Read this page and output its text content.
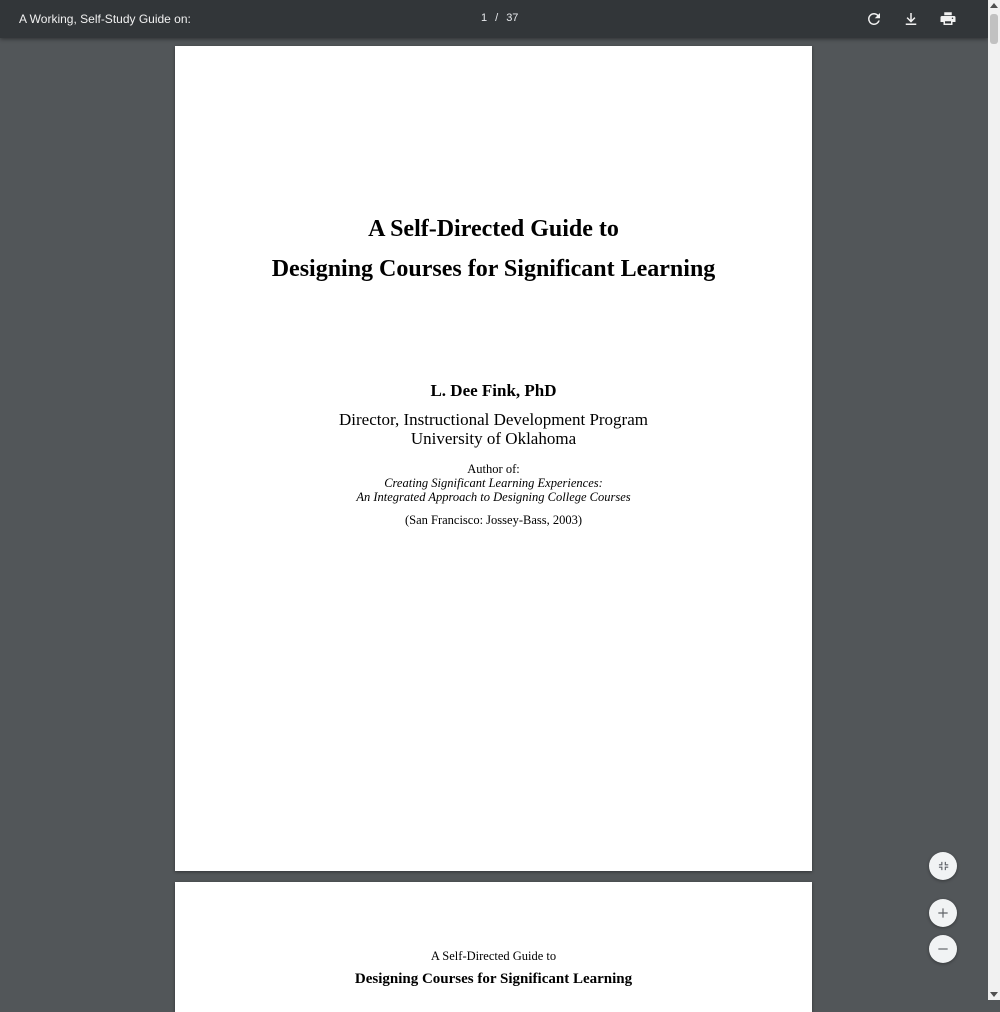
A Working, Self-Study Guide on:	1 / 37
A Self-Directed Guide to
Designing Courses for Significant Learning
L. Dee Fink, PhD
Director, Instructional Development Program
University of Oklahoma
Author of:
Creating Significant Learning Experiences:
An Integrated Approach to Designing College Courses
(San Francisco: Jossey-Bass, 2003)
A Self-Directed Guide to
Designing Courses for Significant Learning
